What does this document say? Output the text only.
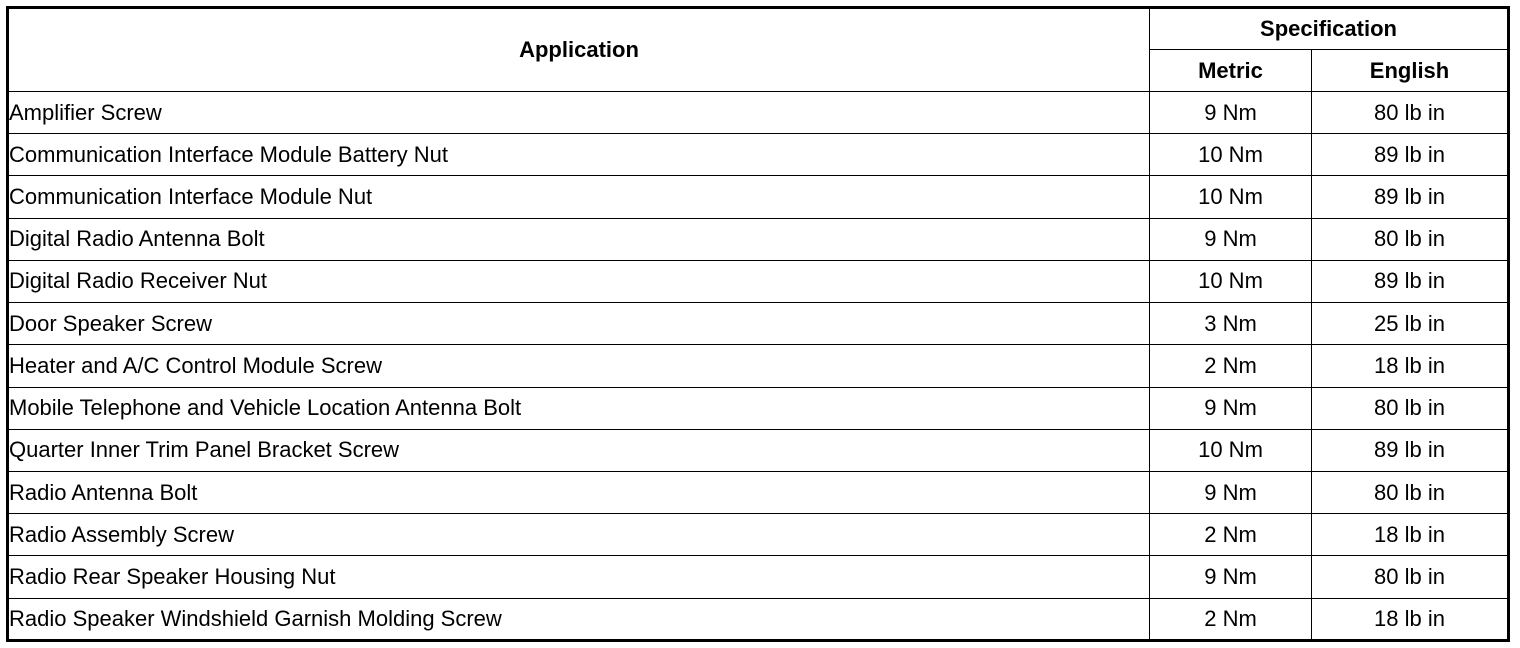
Application	Specification	
	Metric	English
Amplifier Screw	9 Nm	80 lb in
Communication Interface Module Battery Nut	10 Nm	89 lb in
Communication Interface Module Nut	10 Nm	89 lb in
Digital Radio Antenna Bolt	9 Nm	80 lb in
Digital Radio Receiver Nut	10 Nm	89 lb in
Door Speaker Screw	3 Nm	25 lb in
Heater and A/C Control Module Screw	2 Nm	18 lb in
Mobile Telephone and Vehicle Location Antenna Bolt	9 Nm	80 lb in
Quarter Inner Trim Panel Bracket Screw	10 Nm	89 lb in
Radio Antenna Bolt	9 Nm	80 lb in
Radio Assembly Screw	2 Nm	18 lb in
Radio Rear Speaker Housing Nut	9 Nm	80 lb in
Radio Speaker Windshield Garnish Molding Screw	2 Nm	18 lb in
